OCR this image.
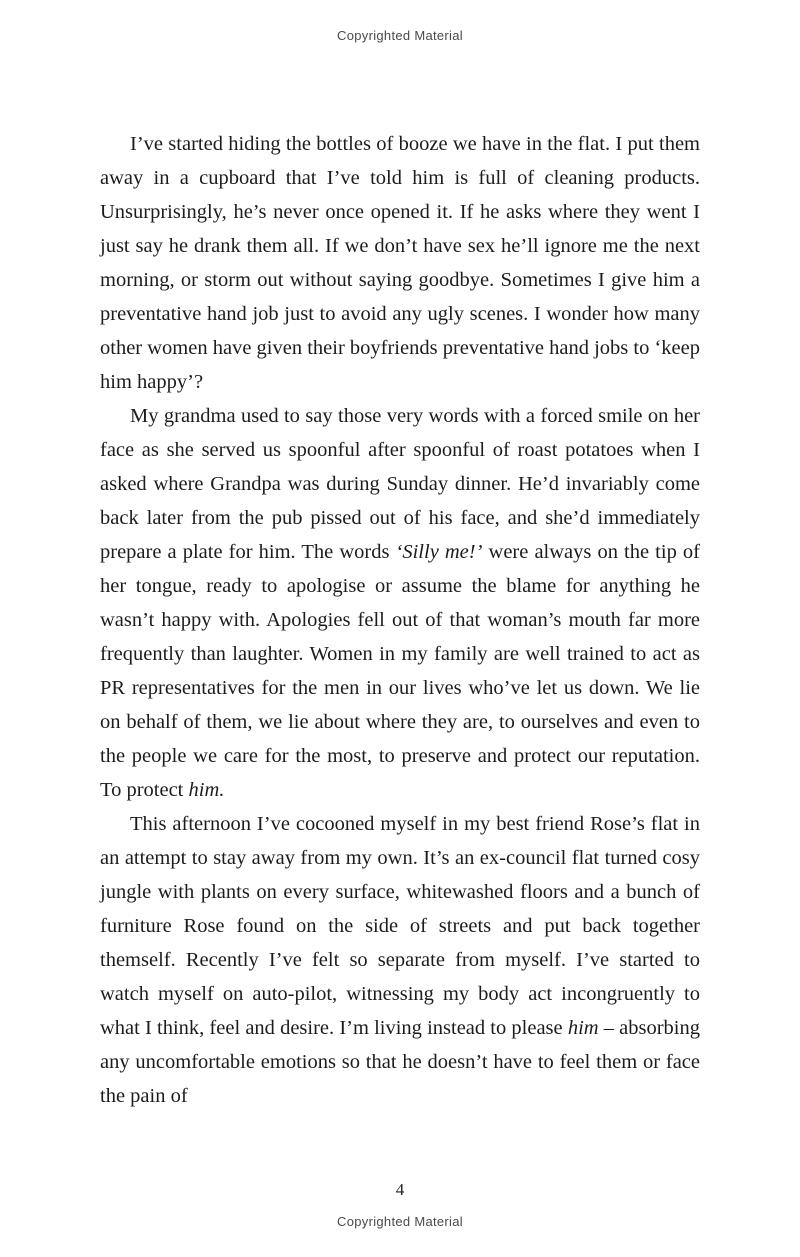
Copyrighted Material

I’ve started hiding the bottles of booze we have in the flat. I put them away in a cupboard that I’ve told him is full of cleaning products. Unsurprisingly, he’s never once opened it. If he asks where they went I just say he drank them all. If we don’t have sex he’ll ignore me the next morning, or storm out without saying goodbye. Sometimes I give him a preventative hand job just to avoid any ugly scenes. I wonder how many other women have given their boyfriends preventative hand jobs to ‘keep him happy’?

My grandma used to say those very words with a forced smile on her face as she served us spoonful after spoonful of roast potatoes when I asked where Grandpa was during Sunday dinner. He’d invariably come back later from the pub pissed out of his face, and she’d immediately prepare a plate for him. The words ‘Silly me!’ were always on the tip of her tongue, ready to apologise or assume the blame for anything he wasn’t happy with. Apologies fell out of that woman’s mouth far more frequently than laughter. Women in my family are well trained to act as PR representatives for the men in our lives who’ve let us down. We lie on behalf of them, we lie about where they are, to ourselves and even to the people we care for the most, to preserve and protect our reputation. To protect him.

This afternoon I’ve cocooned myself in my best friend Rose’s flat in an attempt to stay away from my own. It’s an ex-council flat turned cosy jungle with plants on every surface, whitewashed floors and a bunch of furniture Rose found on the side of streets and put back together themself. Recently I’ve felt so separate from myself. I’ve started to watch myself on auto-pilot, witnessing my body act incongruently to what I think, feel and desire. I’m living instead to please him – absorbing any uncomfortable emotions so that he doesn’t have to feel them or face the pain of

4
Copyrighted Material
